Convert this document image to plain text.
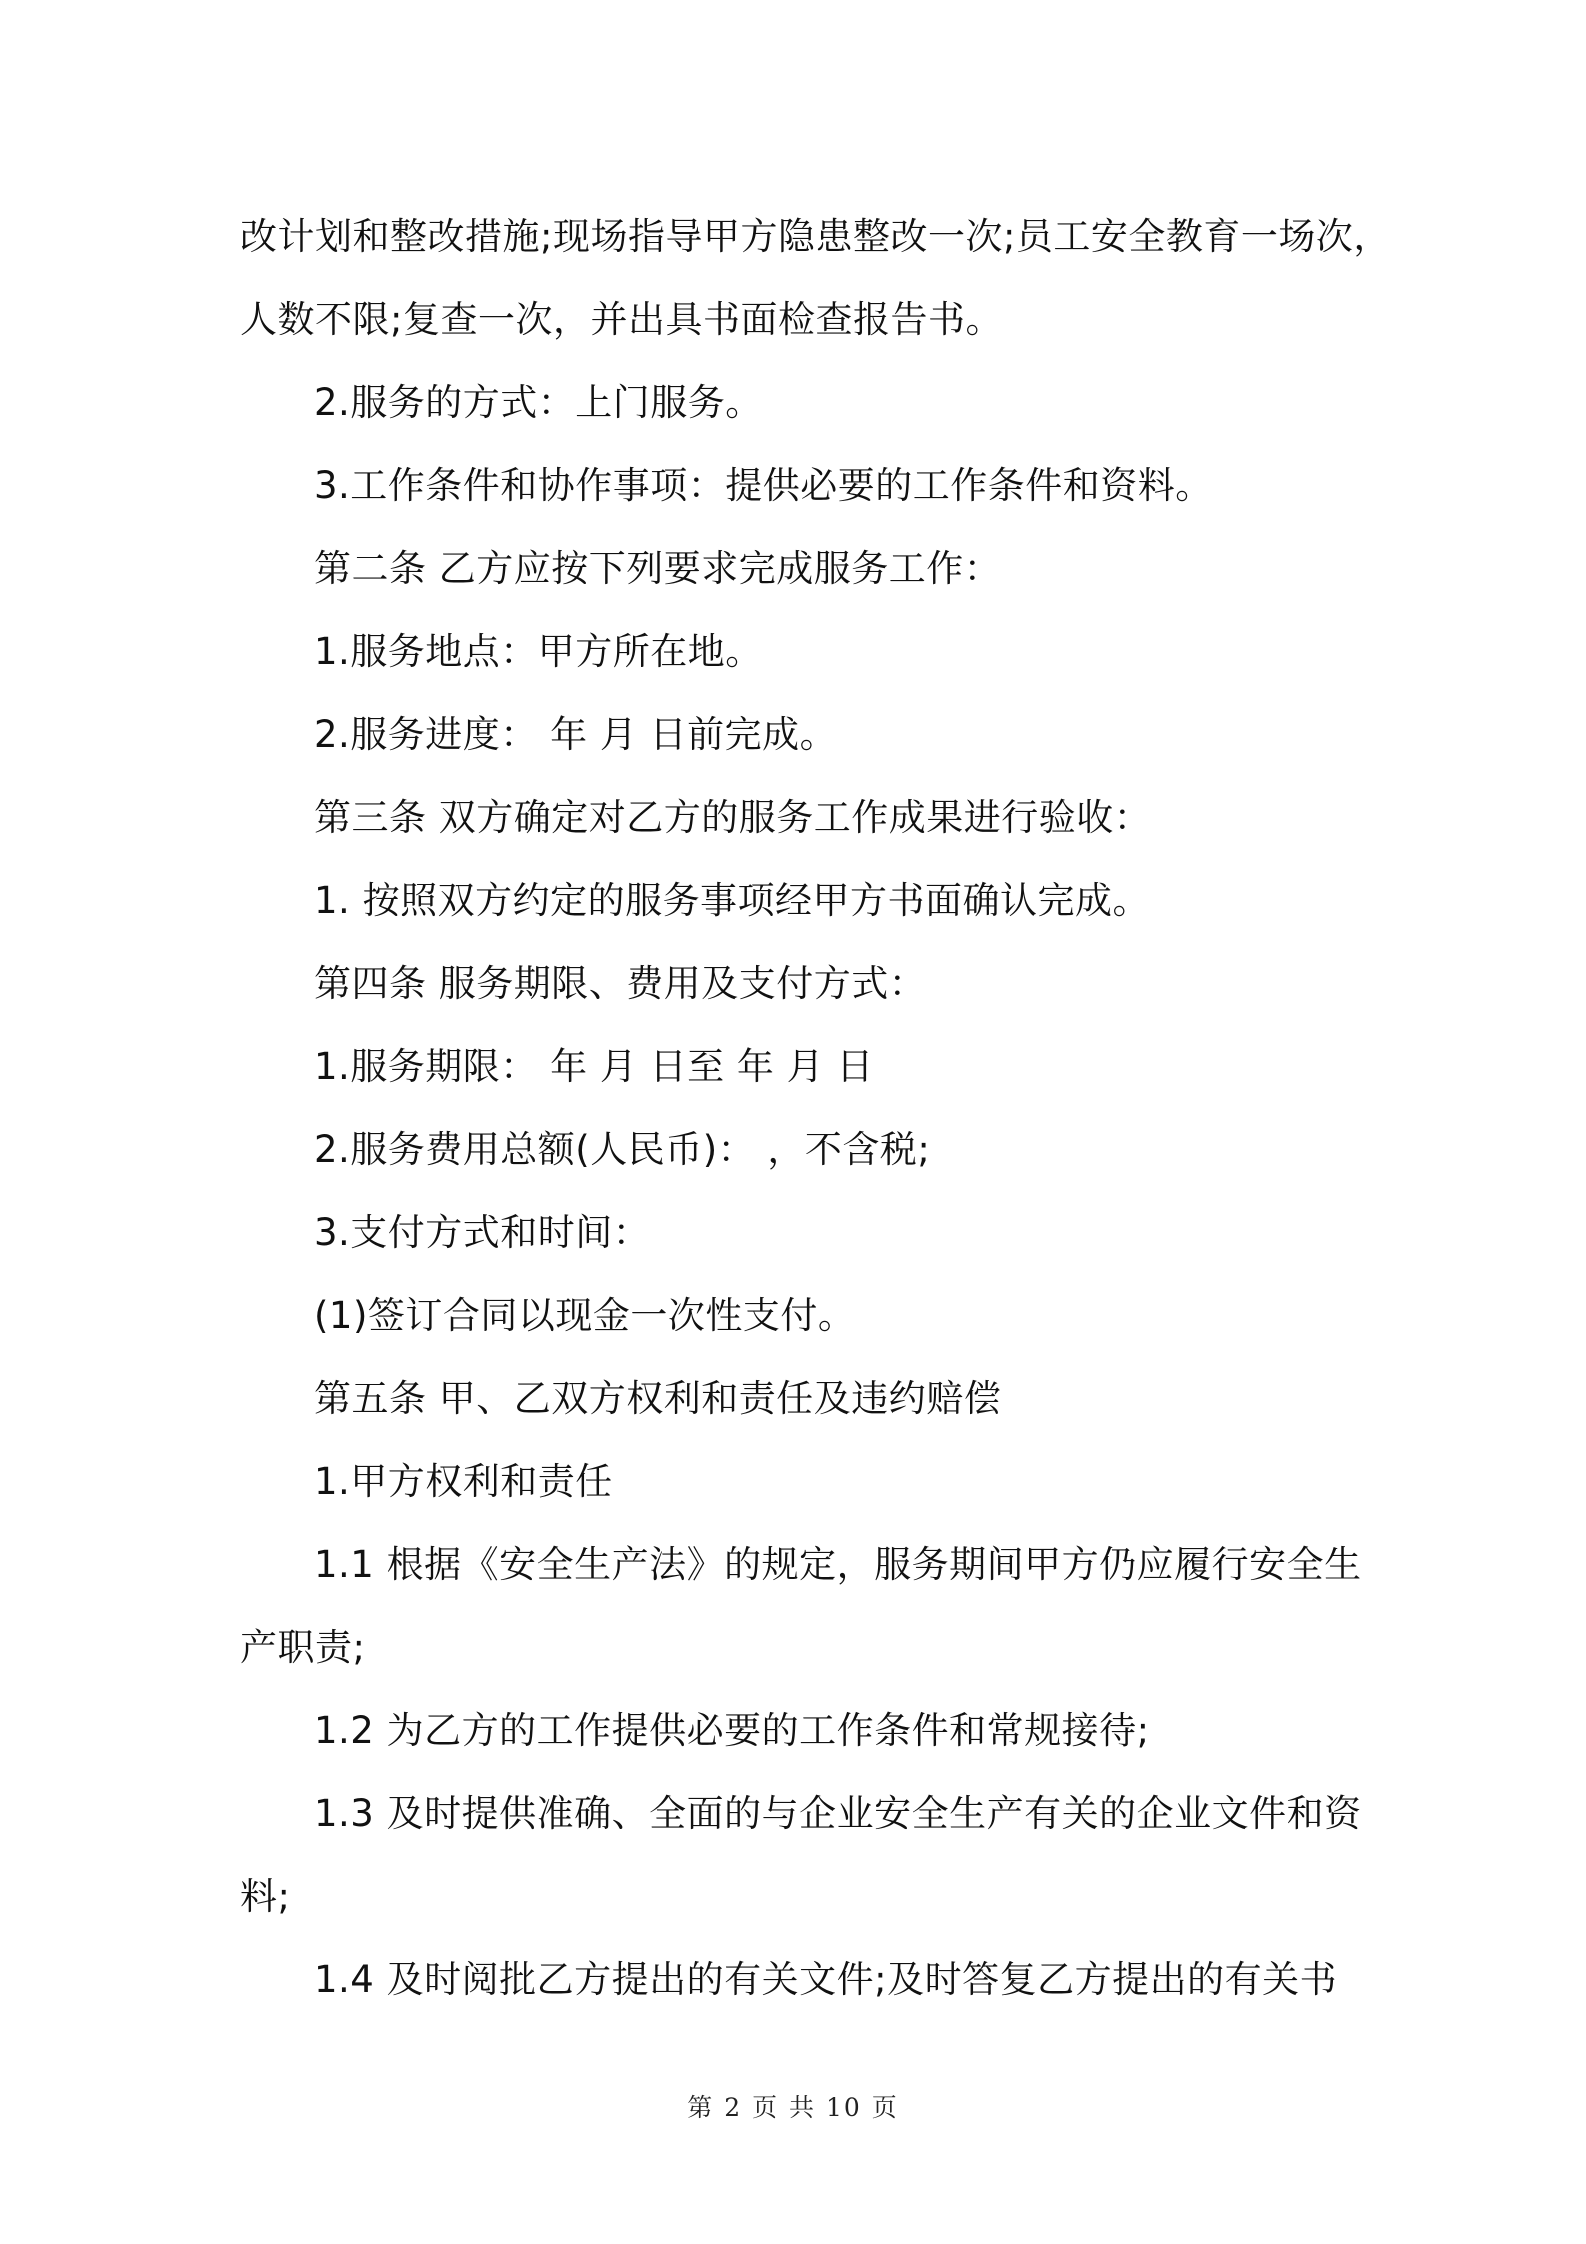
改计划和整改措施;现场指导甲方隐患整改一次;员工安全教育一场次，
人数不限;复查一次，并出具书面检查报告书。
2.服务的方式：上门服务。
3.工作条件和协作事项：提供必要的工作条件和资料。
第二条 乙方应按下列要求完成服务工作：
1.服务地点：甲方所在地。
2.服务进度： 年 月 日前完成。
第三条 双方确定对乙方的服务工作成果进行验收：
1. 按照双方约定的服务事项经甲方书面确认完成。
第四条 服务期限、费用及支付方式：
1.服务期限： 年 月 日至 年 月 日
2.服务费用总额(人民币)： ，不含税;
3.支付方式和时间：
(1)签订合同以现金一次性支付。
第五条 甲、乙双方权利和责任及违约赔偿
1.甲方权利和责任
1.1 根据《安全生产法》的规定，服务期间甲方仍应履行安全生
产职责;
1.2 为乙方的工作提供必要的工作条件和常规接待;
1.3 及时提供准确、全面的与企业安全生产有关的企业文件和资
料;
1.4 及时阅批乙方提出的有关文件;及时答复乙方提出的有关书
第 2 页 共 10 页
